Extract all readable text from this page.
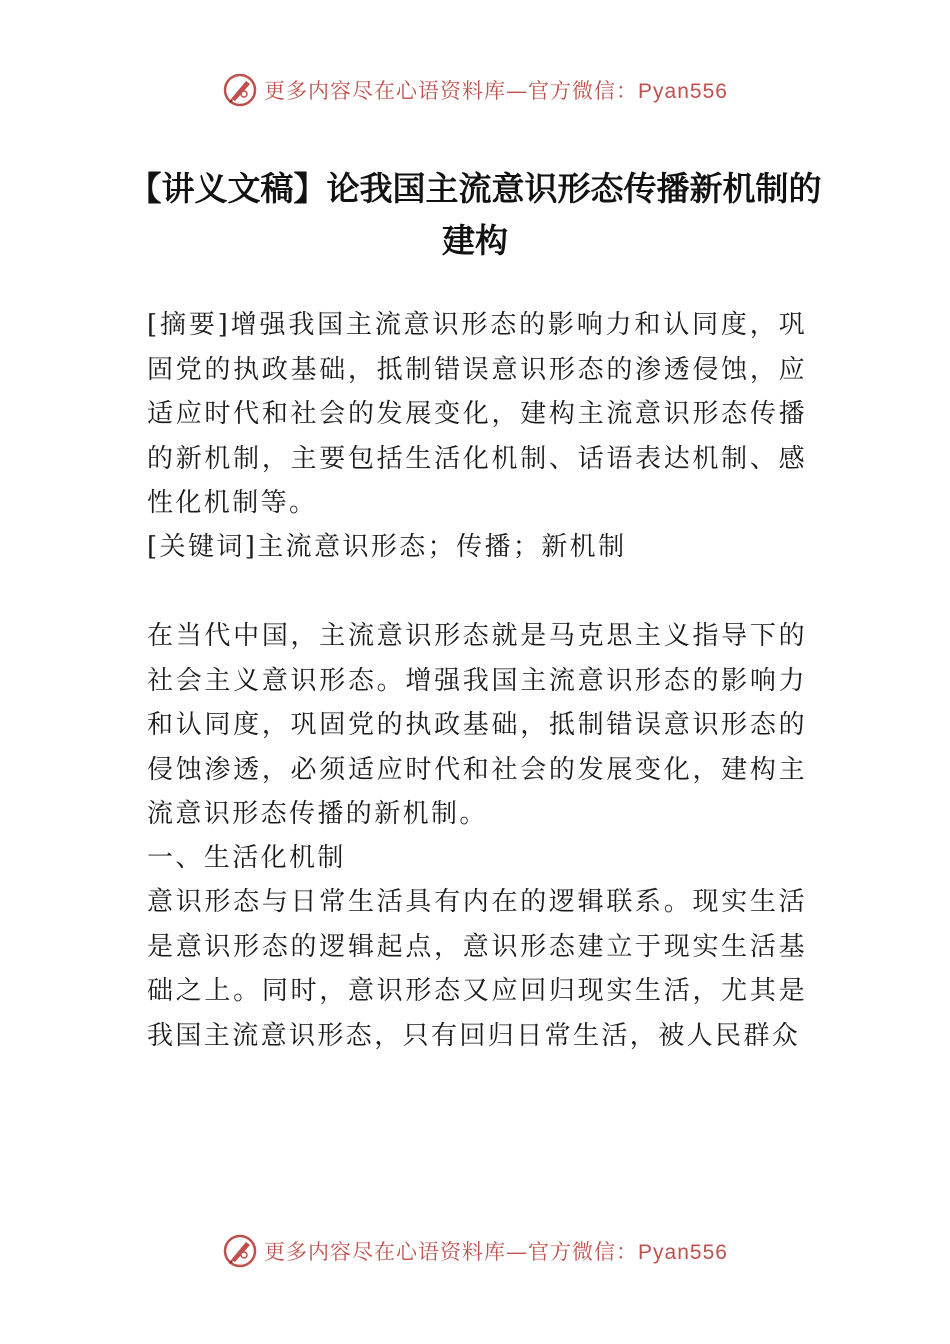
更多内容尽在心语资料库—官方微信：Pyan556
【讲义文稿】论我国主流意识形态传播新机制的建构

[摘要]增强我国主流意识形态的影响力和认同度，巩固党的执政基础，抵制错误意识形态的渗透侵蚀，应适应时代和社会的发展变化，建构主流意识形态传播的新机制，主要包括生活化机制、话语表达机制、感性化机制等。

[关键词]主流意识形态；传播；新机制

在当代中国，主流意识形态就是马克思主义指导下的社会主义意识形态。增强我国主流意识形态的影响力和认同度，巩固党的执政基础，抵制错误意识形态的侵蚀渗透，必须适应时代和社会的发展变化，建构主流意识形态传播的新机制。

一、生活化机制

意识形态与日常生活具有内在的逻辑联系。现实生活是意识形态的逻辑起点，意识形态建立于现实生活基础之上。同时，意识形态又应回归现实生活，尤其是我国主流意识形态，只有回归日常生活，被人民群众

更多内容尽在心语资料库—官方微信：Pyan556
